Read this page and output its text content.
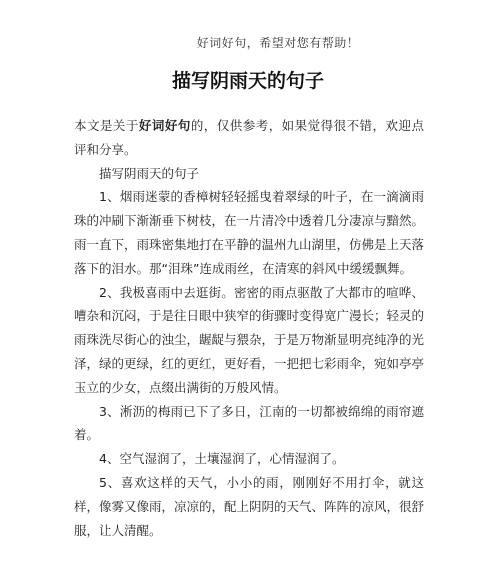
好词好句，希望对您有帮助！
描写阴雨天的句子

本文是关于好词好句的，仅供参考，如果觉得很不错，欢迎点评和分享。

描写阴雨天的句子

1、烟雨迷蒙的香樟树轻轻摇曳着翠绿的叶子，在一滴滴雨珠的冲刷下渐渐垂下树枝，在一片清冷中透着几分凄凉与黯然。雨一直下，雨珠密集地打在平静的温州九山湖里，仿佛是上天落落下的泪水。那“泪珠”连成雨丝，在清寒的斜风中缓缓飘舞。

2、我极喜雨中去逛街。密密的雨点驱散了大都市的喧哗、嘈杂和沉闷，于是往日眼中狭窄的街骤时变得宽广漫长；轻灵的雨珠洗尽街心的浊尘，龌龊与猥杂，于是万物渐显明亮纯净的光泽，绿的更绿，红的更红，更好看，一把把七彩雨伞，宛如亭亭玉立的少女，点缀出满街的万般风情。

3、淅沥的梅雨已下了多日，江南的一切都被绵绵的雨帘遮着。

4、空气湿润了，土壤湿润了，心情湿润了。

5、喜欢这样的天气，小小的雨，刚刚好不用打伞，就这样，像雾又像雨，凉凉的，配上阴阴的天气、阵阵的凉风，很舒服，让人清醒。
